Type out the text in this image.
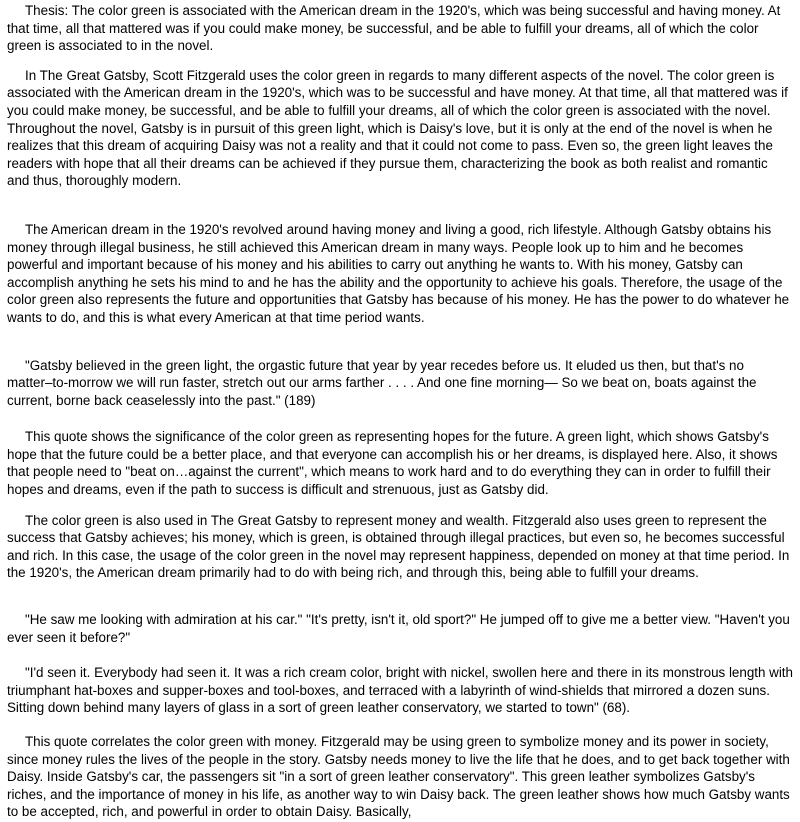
Thesis: The color green is associated with the American dream in the 1920's, which was being successful and having money. At that time, all that mattered was if you could make money, be successful, and be able to fulfill your dreams, all of which the color green is associated to in the novel.

In The Great Gatsby, Scott Fitzgerald uses the color green in regards to many different aspects of the novel. The color green is associated with the American dream in the 1920's, which was to be successful and have money. At that time, all that mattered was if you could make money, be successful, and be able to fulfill your dreams, all of which the color green is associated with the novel. Throughout the novel, Gatsby is in pursuit of this green light, which is Daisy's love, but it is only at the end of the novel is when he realizes that this dream of acquiring Daisy was not a reality and that it could not come to pass. Even so, the green light leaves the readers with hope that all their dreams can be achieved if they pursue them, characterizing the book as both realist and romantic and thus, thoroughly modern.

The American dream in the 1920's revolved around having money and living a good, rich lifestyle. Although Gatsby obtains his money through illegal business, he still achieved this American dream in many ways. People look up to him and he becomes powerful and important because of his money and his abilities to carry out anything he wants to. With his money, Gatsby can accomplish anything he sets his mind to and he has the ability and the opportunity to achieve his goals. Therefore, the usage of the color green also represents the future and opportunities that Gatsby has because of his money. He has the power to do whatever he wants to do, and this is what every American at that time period wants.

"Gatsby believed in the green light, the orgastic future that year by year recedes before us. It eluded us then, but that's no matter–to-morrow we will run faster, stretch out our arms farther . . . . And one fine morning— So we beat on, boats against the current, borne back ceaselessly into the past." (189)

This quote shows the significance of the color green as representing hopes for the future. A green light, which shows Gatsby's hope that the future could be a better place, and that everyone can accomplish his or her dreams, is displayed here. Also, it shows that people need to "beat on…against the current", which means to work hard and to do everything they can in order to fulfill their hopes and dreams, even if the path to success is difficult and strenuous, just as Gatsby did.

The color green is also used in The Great Gatsby to represent money and wealth. Fitzgerald also uses green to represent the success that Gatsby achieves; his money, which is green, is obtained through illegal practices, but even so, he becomes successful and rich. In this case, the usage of the color green in the novel may represent happiness, depended on money at that time period. In the 1920's, the American dream primarily had to do with being rich, and through this, being able to fulfill your dreams.

"He saw me looking with admiration at his car." "It's pretty, isn't it, old sport?" He jumped off to give me a better view. "Haven't you ever seen it before?"

"I'd seen it. Everybody had seen it. It was a rich cream color, bright with nickel, swollen here and there in its monstrous length with triumphant hat-boxes and supper-boxes and tool-boxes, and terraced with a labyrinth of wind-shields that mirrored a dozen suns. Sitting down behind many layers of glass in a sort of green leather conservatory, we started to town" (68).

This quote correlates the color green with money. Fitzgerald may be using green to symbolize money and its power in society, since money rules the lives of the people in the story. Gatsby needs money to live the life that he does, and to get back together with Daisy. Inside Gatsby's car, the passengers sit "in a sort of green leather conservatory". This green leather symbolizes Gatsby's riches, and the importance of money in his life, as another way to win Daisy back. The green leather shows how much Gatsby wants to be accepted, rich, and powerful in order to obtain Daisy. Basically,
